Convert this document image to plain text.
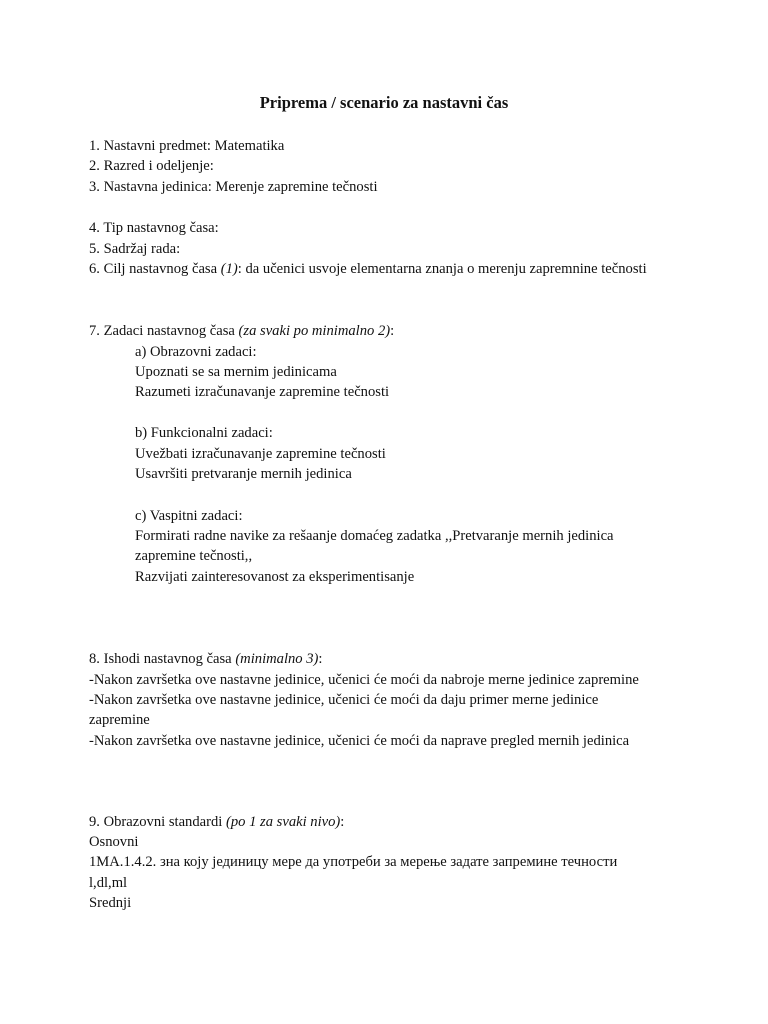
Priprema / scenario za nastavni čas
1. Nastavni predmet: Matematika
2. Razred i odeljenje:
3. Nastavna jedinica: Merenje zapremine tečnosti
4. Tip nastavnog časa:
5. Sadržaj rada:
6. Cilj nastavnog časa (1): da učenici usvoje elementarna znanja o merenju zapremnine tečnosti
7. Zadaci nastavnog časa (za svaki po minimalno 2):
a) Obrazovni zadaci:
Upoznati se sa mernim jedinicama
Razumeti izračunavanje zapremine tečnosti
b) Funkcionalni zadaci:
Uvežbati izračunavanje zapremine tečnosti
Usavršiti pretvaranje mernih jedinica
c) Vaspitni zadaci:
Formirati radne navike za rešaanje domaćeg zadatka ,,Pretvaranje mernih jedinica
zapremine tečnosti,,
Razvijati zainteresovanost za eksperimentisanje
8. Ishodi nastavnog časa (minimalno 3):
-Nakon završetka ove nastavne jedinice, učenici će moći da nabroje merne jedinice zapremine
-Nakon završetka ove nastavne jedinice, učenici će moći da daju primer merne jedinice
zapremine
-Nakon završetka ove nastavne jedinice, učenici će moći da naprave pregled mernih jedinica
9. Obrazovni standardi (po 1 za svaki nivo):
Osnovni
1MA.1.4.2. зна коју јединицу мере да употреби за мерење задате запремине течности
l,dl,ml
Srednji
